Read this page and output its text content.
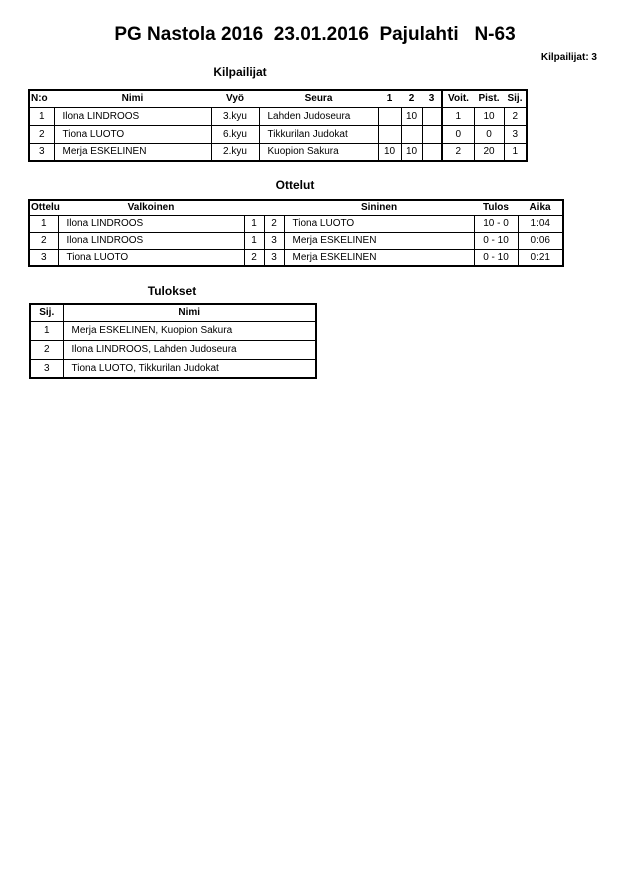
PG Nastola 2016  23.01.2016  Pajulahti   N-63
Kilpailijat: 3
Kilpailijat
N:o	Nimi	Vyö	Seura	1	2	3	Voit.	Pist.	Sij.
1	Ilona LINDROOS	3.kyu	Lahden Judoseura		10		1	10	2
2	Tiona LUOTO	6.kyu	Tikkurilan Judokat				0	0	3
3	Merja ESKELINEN	2.kyu	Kuopion Sakura	10	10		2	20	1
Ottelut
Ottelu	Valkoinen			Sininen	Tulos	Aika
1	Ilona LINDROOS	1	2	Tiona LUOTO	10 - 0	1:04
2	Ilona LINDROOS	1	3	Merja ESKELINEN	0 - 10	0:06
3	Tiona LUOTO	2	3	Merja ESKELINEN	0 - 10	0:21
Tulokset
Sij.	Nimi
1	Merja ESKELINEN, Kuopion Sakura
2	Ilona LINDROOS, Lahden Judoseura
3	Tiona LUOTO, Tikkurilan Judokat
